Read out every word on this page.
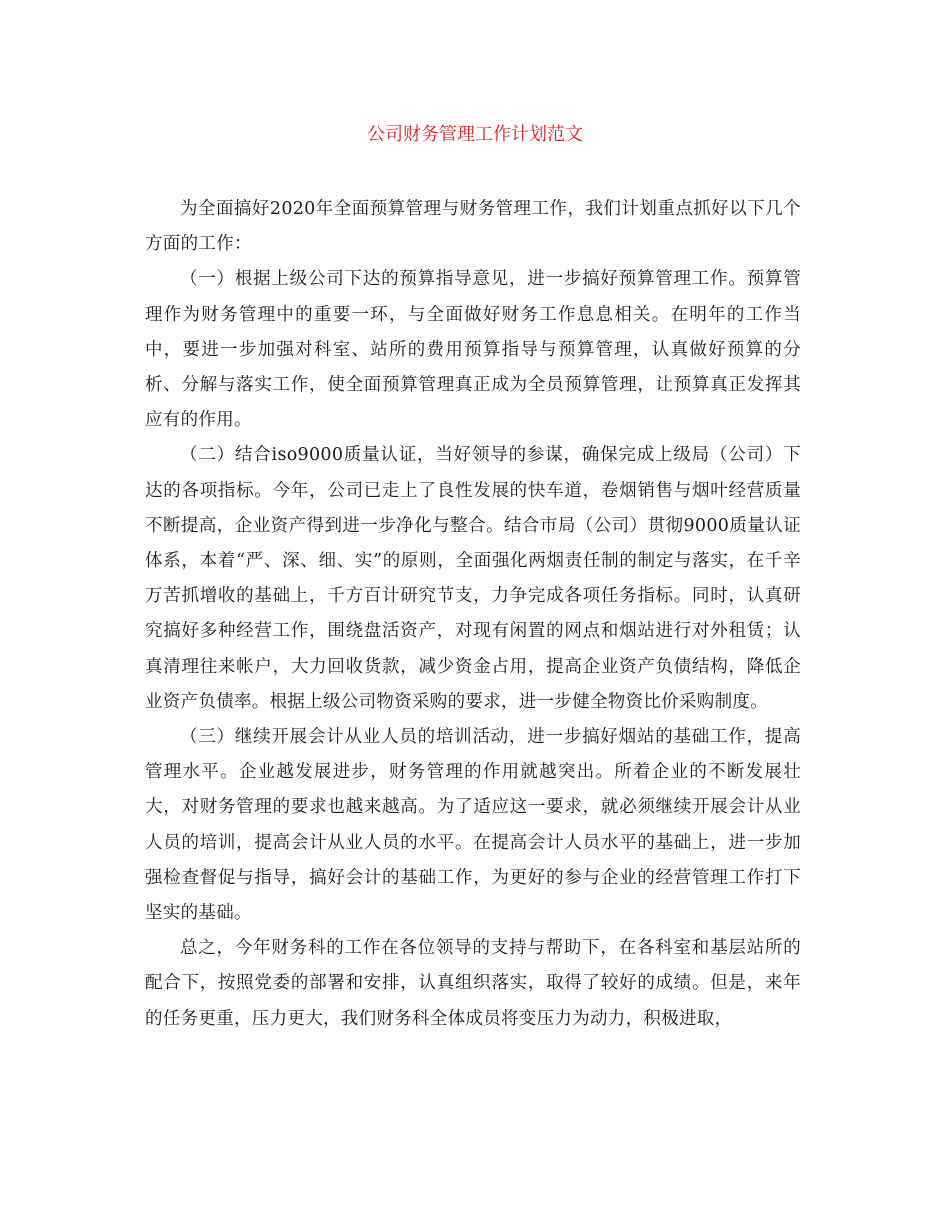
公司财务管理工作计划范文

为全面搞好2020年全面预算管理与财务管理工作，我们计划重点抓好以下几个方面的工作：

（一）根据上级公司下达的预算指导意见，进一步搞好预算管理工作。预算管理作为财务管理中的重要一环，与全面做好财务工作息息相关。在明年的工作当中，要进一步加强对科室、站所的费用预算指导与预算管理，认真做好预算的分析、分解与落实工作，使全面预算管理真正成为全员预算管理，让预算真正发挥其应有的作用。

（二）结合iso9000质量认证，当好领导的参谋，确保完成上级局（公司）下达的各项指标。今年，公司已走上了良性发展的快车道，卷烟销售与烟叶经营质量不断提高，企业资产得到进一步净化与整合。结合市局（公司）贯彻9000质量认证体系，本着“严、深、细、实”的原则，全面强化两烟责任制的制定与落实，在千辛万苦抓增收的基础上，千方百计研究节支，力争完成各项任务指标。同时，认真研究搞好多种经营工作，围绕盘活资产，对现有闲置的网点和烟站进行对外租赁；认真清理往来帐户，大力回收货款，减少资金占用，提高企业资产负债结构，降低企业资产负债率。根据上级公司物资采购的要求，进一步健全物资比价采购制度。

（三）继续开展会计从业人员的培训活动，进一步搞好烟站的基础工作，提高管理水平。企业越发展进步，财务管理的作用就越突出。所着企业的不断发展壮大，对财务管理的要求也越来越高。为了适应这一要求，就必须继续开展会计从业人员的培训，提高会计从业人员的水平。在提高会计人员水平的基础上，进一步加强检查督促与指导，搞好会计的基础工作，为更好的参与企业的经营管理工作打下坚实的基础。

总之，今年财务科的工作在各位领导的支持与帮助下，在各科室和基层站所的配合下，按照党委的部署和安排，认真组织落实，取得了较好的成绩。但是，来年的任务更重，压力更大，我们财务科全体成员将变压力为动力，积极进取，
